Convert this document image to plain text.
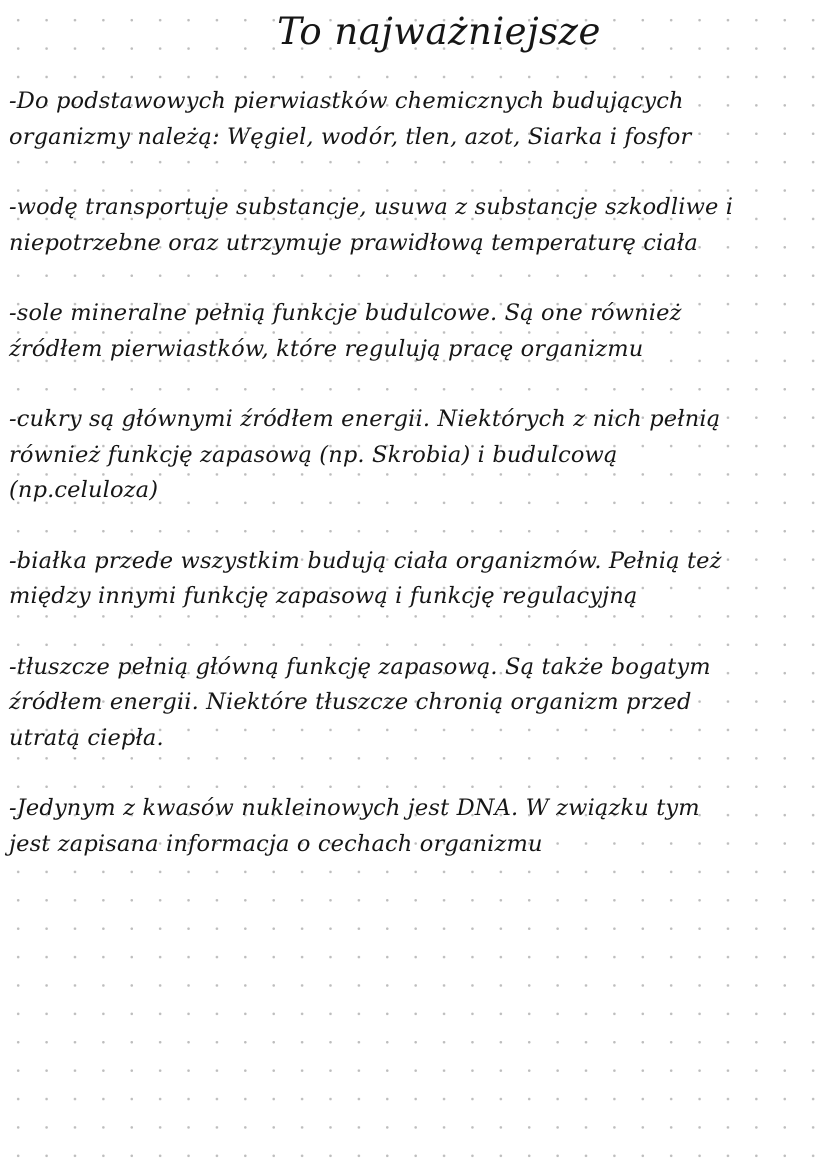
To najważniejsze

-Do podstawowych pierwiastków chemicznych budujących
organizmy należą: Węgiel, wodór, tlen, azot, Siarka i fosfor

-wodę transportuje substancje, usuwa z substancje szkodliwe i
niepotrzebne oraz utrzymuje prawidłową temperaturę ciała

-sole mineralne pełnią funkcje budulcowe. Są one również
źródłem pierwiastków, które regulują pracę organizmu

-cukry są głównymi źródłem energii. Niektórych z nich pełnią
również funkcję zapasową (np. Skrobia) i budulcową
(np.celuloza)

-białka przede wszystkim budują ciała organizmów. Pełnią też
między innymi funkcję zapasową i funkcję regulacyjną

-tłuszcze pełnią główną funkcję zapasową. Są także bogatym
źródłem energii. Niektóre tłuszcze chronią organizm przed
utratą ciepła.

-Jedynym z kwasów nukleinowych jest DNA. W związku tym
jest zapisana informacja o cechach organizmu
